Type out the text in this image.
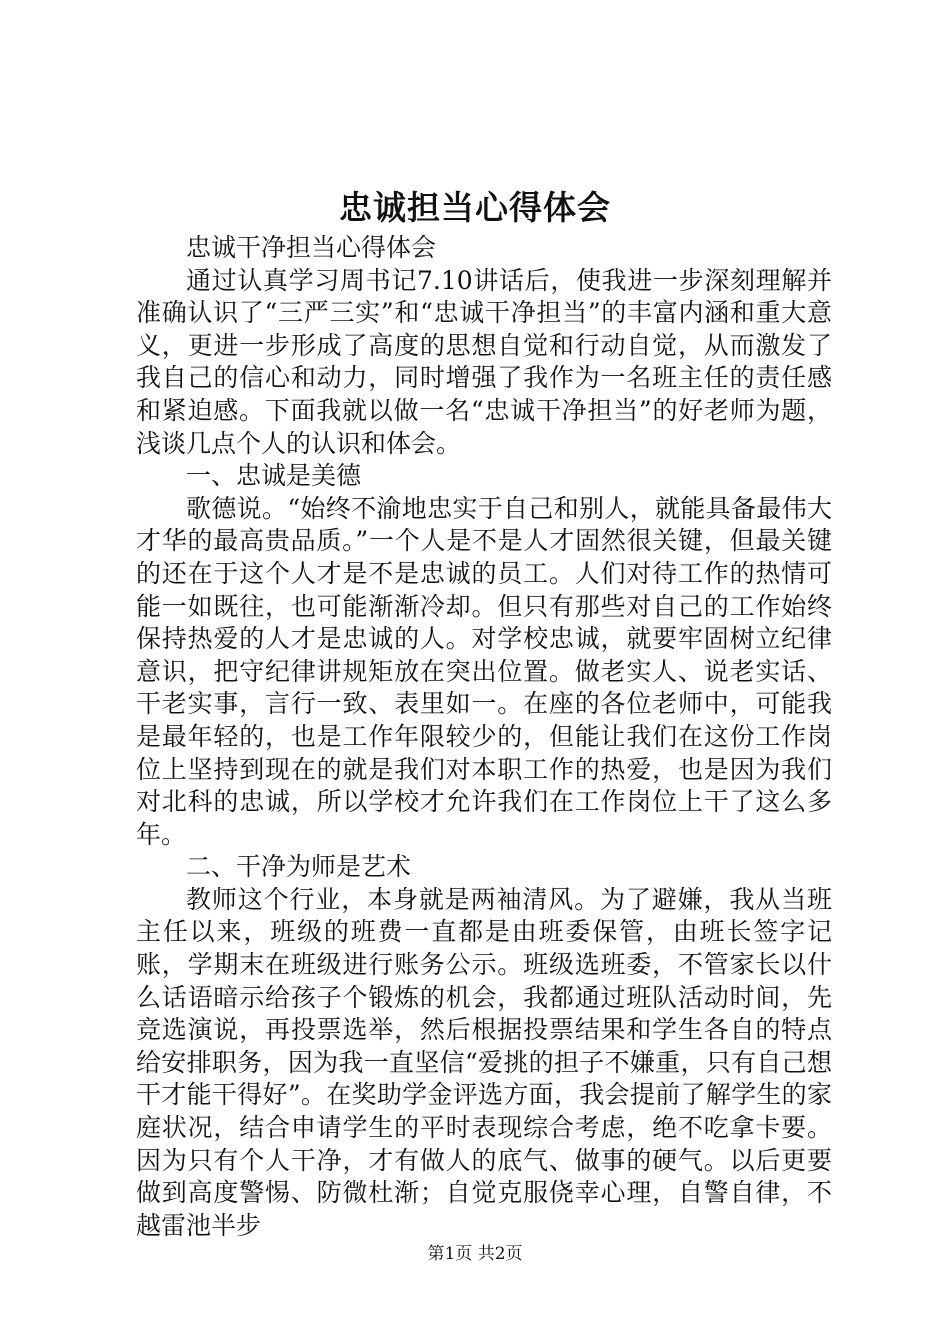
忠诚担当心得体会

忠诚干净担当心得体会

通过认真学习周书记7.10讲话后，使我进一步深刻理解并准确认识了“三严三实”和“忠诚干净担当”的丰富内涵和重大意义，更进一步形成了高度的思想自觉和行动自觉，从而激发了我自己的信心和动力，同时增强了我作为一名班主任的责任感和紧迫感。下面我就以做一名“忠诚干净担当”的好老师为题，浅谈几点个人的认识和体会。

一、忠诚是美德

歌德说。“始终不渝地忠实于自己和别人，就能具备最伟大才华的最高贵品质。”一个人是不是人才固然很关键，但最关键的还在于这个人才是不是忠诚的员工。人们对待工作的热情可能一如既往，也可能渐渐冷却。但只有那些对自己的工作始终保持热爱的人才是忠诚的人。对学校忠诚，就要牢固树立纪律意识，把守纪律讲规矩放在突出位置。做老实人、说老实话、干老实事，言行一致、表里如一。在座的各位老师中，可能我是最年轻的，也是工作年限较少的，但能让我们在这份工作岗位上坚持到现在的就是我们对本职工作的热爱，也是因为我们对北科的忠诚，所以学校才允许我们在工作岗位上干了这么多年。

二、干净为师是艺术

教师这个行业，本身就是两袖清风。为了避嫌，我从当班主任以来，班级的班费一直都是由班委保管，由班长签字记账，学期末在班级进行账务公示。班级选班委，不管家长以什么话语暗示给孩子个锻炼的机会，我都通过班队活动时间，先竞选演说，再投票选举，然后根据投票结果和学生各自的特点给安排职务，因为我一直坚信“爱挑的担子不嫌重，只有自己想干才能干得好”。在奖助学金评选方面，我会提前了解学生的家庭状况，结合申请学生的平时表现综合考虑，绝不吃拿卡要。因为只有个人干净，才有做人的底气、做事的硬气。以后更要做到高度警惕、防微杜渐；自觉克服侥幸心理，自警自律，不越雷池半步

第1页 共2页
